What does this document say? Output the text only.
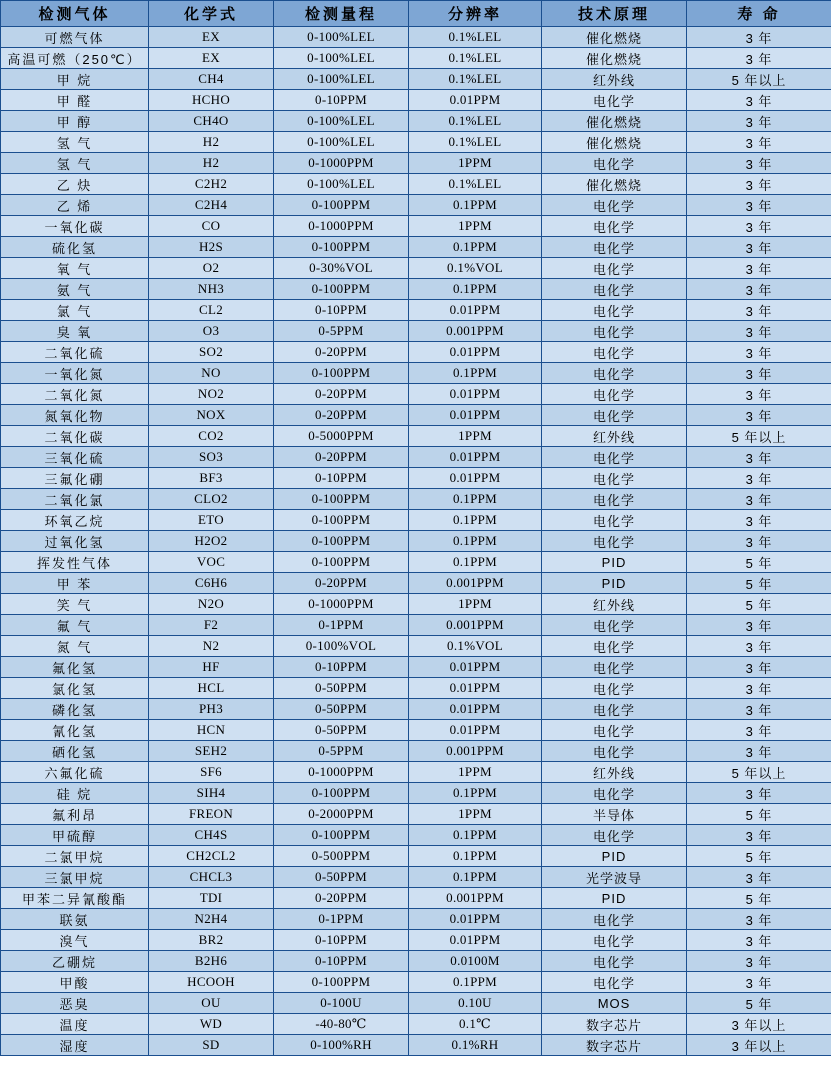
检测气体	化学式	检测量程	分辨率	技术原理	寿 命
可燃气体	EX	0-100%LEL	0.1%LEL	催化燃烧	3 年
高温可燃（250℃）	EX	0-100%LEL	0.1%LEL	催化燃烧	3 年
甲 烷	CH4	0-100%LEL	0.1%LEL	红外线	5 年以上
甲 醛	HCHO	0-10PPM	0.01PPM	电化学	3 年
甲 醇	CH4O	0-100%LEL	0.1%LEL	催化燃烧	3 年
氢 气	H2	0-100%LEL	0.1%LEL	催化燃烧	3 年
氢 气	H2	0-1000PPM	1PPM	电化学	3 年
乙 炔	C2H2	0-100%LEL	0.1%LEL	催化燃烧	3 年
乙 烯	C2H4	0-100PPM	0.1PPM	电化学	3 年
一氧化碳	CO	0-1000PPM	1PPM	电化学	3 年
硫化氢	H2S	0-100PPM	0.1PPM	电化学	3 年
氧 气	O2	0-30%VOL	0.1%VOL	电化学	3 年
氨 气	NH3	0-100PPM	0.1PPM	电化学	3 年
氯 气	CL2	0-10PPM	0.01PPM	电化学	3 年
臭 氧	O3	0-5PPM	0.001PPM	电化学	3 年
二氧化硫	SO2	0-20PPM	0.01PPM	电化学	3 年
一氧化氮	NO	0-100PPM	0.1PPM	电化学	3 年
二氧化氮	NO2	0-20PPM	0.01PPM	电化学	3 年
氮氧化物	NOX	0-20PPM	0.01PPM	电化学	3 年
二氧化碳	CO2	0-5000PPM	1PPM	红外线	5 年以上
三氧化硫	SO3	0-20PPM	0.01PPM	电化学	3 年
三氟化硼	BF3	0-10PPM	0.01PPM	电化学	3 年
二氧化氯	CLO2	0-100PPM	0.1PPM	电化学	3 年
环氧乙烷	ETO	0-100PPM	0.1PPM	电化学	3 年
过氧化氢	H2O2	0-100PPM	0.1PPM	电化学	3 年
挥发性气体	VOC	0-100PPM	0.1PPM	PID	5 年
甲 苯	C6H6	0-20PPM	0.001PPM	PID	5 年
笑 气	N2O	0-1000PPM	1PPM	红外线	5 年
氟 气	F2	0-1PPM	0.001PPM	电化学	3 年
氮 气	N2	0-100%VOL	0.1%VOL	电化学	3 年
氟化氢	HF	0-10PPM	0.01PPM	电化学	3 年
氯化氢	HCL	0-50PPM	0.01PPM	电化学	3 年
磷化氢	PH3	0-50PPM	0.01PPM	电化学	3 年
氰化氢	HCN	0-50PPM	0.01PPM	电化学	3 年
硒化氢	SEH2	0-5PPM	0.001PPM	电化学	3 年
六氟化硫	SF6	0-1000PPM	1PPM	红外线	5 年以上
硅 烷	SIH4	0-100PPM	0.1PPM	电化学	3 年
氟利昂	FREON	0-2000PPM	1PPM	半导体	5 年
甲硫醇	CH4S	0-100PPM	0.1PPM	电化学	3 年
二氯甲烷	CH2CL2	0-500PPM	0.1PPM	PID	5 年
三氯甲烷	CHCL3	0-50PPM	0.1PPM	光学波导	3 年
甲苯二异氰酸酯	TDI	0-20PPM	0.001PPM	PID	5 年
联氨	N2H4	0-1PPM	0.01PPM	电化学	3 年
溴气	BR2	0-10PPM	0.01PPM	电化学	3 年
乙硼烷	B2H6	0-10PPM	0.0100M	电化学	3 年
甲酸	HCOOH	0-100PPM	0.1PPM	电化学	3 年
恶臭	OU	0-100U	0.10U	MOS	5 年
温度	WD	-40-80℃	0.1℃	数字芯片	3 年以上
湿度	SD	0-100%RH	0.1%RH	数字芯片	3 年以上
